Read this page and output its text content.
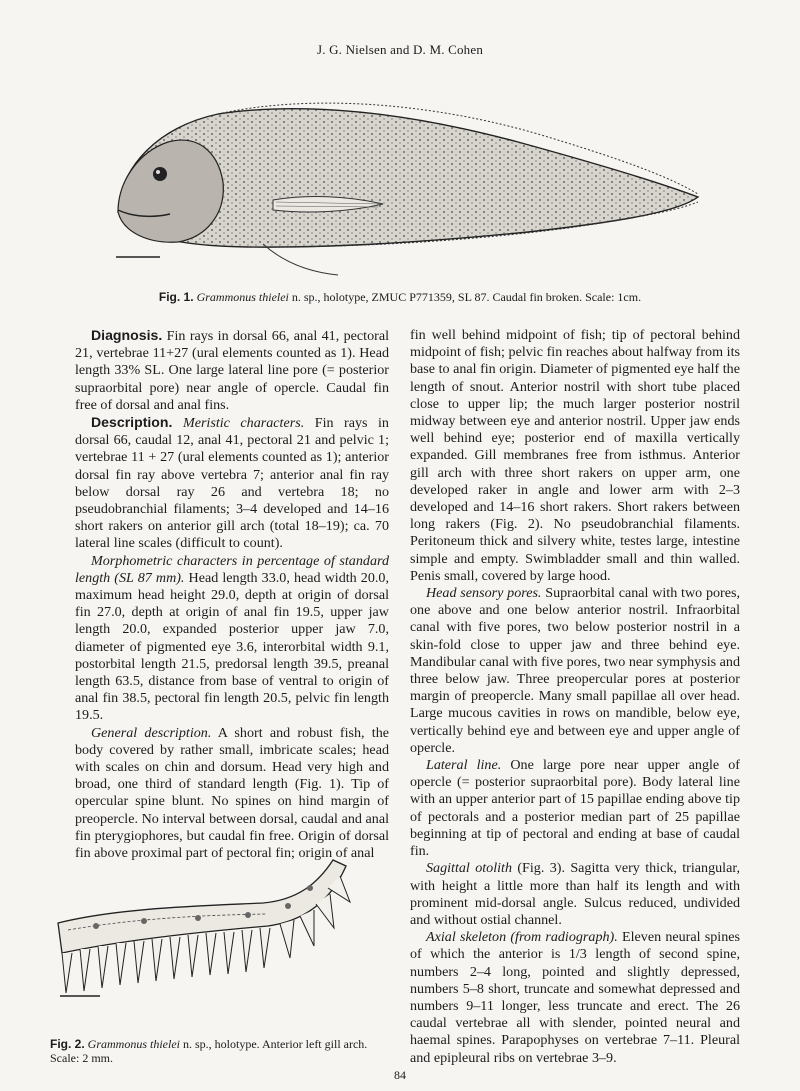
J. G. Nielsen and D. M. Cohen
Fig. 1. Grammonus thielei n. sp., holotype, ZMUC P771359, SL 87. Caudal fin broken. Scale: 1cm.

Diagnosis. Fin rays in dorsal 66, anal 41, pectoral 21, vertebrae 11+27 (ural elements counted as 1). Head length 33% SL. One large lateral line pore (= posterior supraorbital pore) near angle of opercle. Caudal fin free of dorsal and anal fins.

Description. Meristic characters. Fin rays in dorsal 66, caudal 12, anal 41, pectoral 21 and pelvic 1; vertebrae 11 + 27 (ural elements counted as 1); anterior dorsal fin ray above vertebra 7; anterior anal fin ray below dorsal ray 26 and vertebra 18; no pseudobranchial filaments; 3–4 developed and 14–16 short rakers on anterior gill arch (total 18–19); ca. 70 lateral line scales (difficult to count).

Morphometric characters in percentage of standard length (SL 87 mm). Head length 33.0, head width 20.0, maximum head height 29.0, depth at origin of dorsal fin 27.0, depth at origin of anal fin 19.5, upper jaw length 20.0, expanded posterior upper jaw 7.0, diameter of pigmented eye 3.6, interorbital width 9.1, postorbital length 21.5, predorsal length 39.5, preanal length 63.5, distance from base of ventral to origin of anal fin 38.5, pectoral fin length 20.5, pelvic fin length 19.5.

General description. A short and robust fish, the body covered by rather small, imbricate scales; head with scales on chin and dorsum. Head very high and broad, one third of standard length (Fig. 1). Tip of opercular spine blunt. No spines on hind margin of preopercle. No interval between dorsal, caudal and anal fin pterygiophores, but caudal fin free. Origin of dorsal fin above proximal part of pectoral fin; origin of anal

Fig. 2. Grammonus thielei n. sp., holotype. Anterior left gill arch. Scale: 2 mm.

fin well behind midpoint of fish; tip of pectoral behind midpoint of fish; pelvic fin reaches about halfway from its base to anal fin origin. Diameter of pigmented eye half the length of snout. Anterior nostril with short tube placed close to upper lip; the much larger posterior nostril midway between eye and anterior nostril. Upper jaw ends well behind eye; posterior end of maxilla vertically expanded. Gill membranes free from isthmus. Anterior gill arch with three short rakers on upper arm, one developed raker in angle and lower arm with 2–3 developed and 14–16 short rakers. Short rakers between long rakers (Fig. 2). No pseudobranchial filaments. Peritoneum thick and silvery white, testes large, intestine simple and empty. Swimbladder small and thin walled. Penis small, covered by large hood.

Head sensory pores. Supraorbital canal with two pores, one above and one below anterior nostril. Infraorbital canal with five pores, two below posterior nostril in a skin-fold close to upper jaw and three behind eye. Mandibular canal with five pores, two near symphysis and three below jaw. Three preopercular pores at posterior margin of preopercle. Many small papillae all over head. Large mucous cavities in rows on mandible, below eye, vertically behind eye and between eye and upper angle of opercle.

Lateral line. One large pore near upper angle of opercle (= posterior supraorbital pore). Body lateral line with an upper anterior part of 15 papillae ending above tip of pectorals and a posterior median part of 25 papillae beginning at tip of pectoral and ending at base of caudal fin.

Sagittal otolith (Fig. 3). Sagitta very thick, triangular, with height a little more than half its length and with prominent mid-dorsal angle. Sulcus reduced, undivided and without ostial channel.

Axial skeleton (from radiograph). Eleven neural spines of which the anterior is 1/3 length of second spine, numbers 2–4 long, pointed and slightly depressed, numbers 5–8 short, truncate and somewhat depressed and numbers 9–11 longer, less truncate and erect. The 26 caudal vertebrae all with slender, pointed neural and haemal spines. Parapophyses on vertebrae 7–11. Pleural and epipleural ribs on vertebrae 3–9.

84
